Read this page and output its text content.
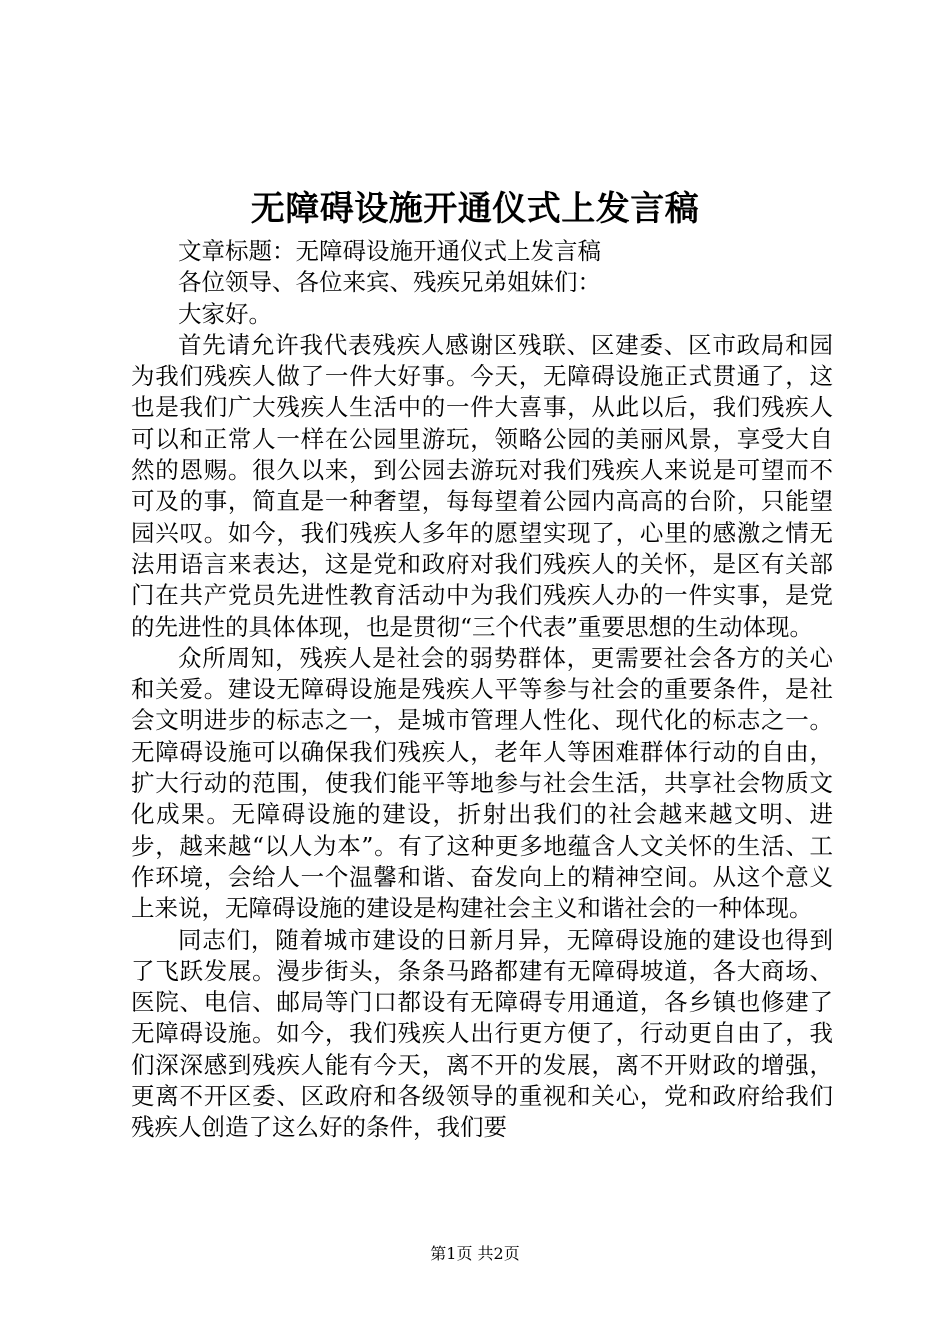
无障碍设施开通仪式上发言稿

文章标题：无障碍设施开通仪式上发言稿

各位领导、各位来宾、残疾兄弟姐妹们：

大家好。

首先请允许我代表残疾人感谢区残联、区建委、区市政局和园为我们残疾人做了一件大好事。今天，无障碍设施正式贯通了，这也是我们广大残疾人生活中的一件大喜事，从此以后，我们残疾人可以和正常人一样在公园里游玩，领略公园的美丽风景，享受大自然的恩赐。很久以来，到公园去游玩对我们残疾人来说是可望而不可及的事，简直是一种奢望，每每望着公园内高高的台阶，只能望园兴叹。如今，我们残疾人多年的愿望实现了，心里的感激之情无法用语言来表达，这是党和政府对我们残疾人的关怀，是区有关部门在共产党员先进性教育活动中为我们残疾人办的一件实事，是党的先进性的具体体现，也是贯彻“三个代表”重要思想的生动体现。

众所周知，残疾人是社会的弱势群体，更需要社会各方的关心和关爱。建设无障碍设施是残疾人平等参与社会的重要条件，是社会文明进步的标志之一，是城市管理人性化、现代化的标志之一。无障碍设施可以确保我们残疾人，老年人等困难群体行动的自由，扩大行动的范围，使我们能平等地参与社会生活，共享社会物质文化成果。无障碍设施的建设，折射出我们的社会越来越文明、进步，越来越“以人为本”。有了这种更多地蕴含人文关怀的生活、工作环境，会给人一个温馨和谐、奋发向上的精神空间。从这个意义上来说，无障碍设施的建设是构建社会主义和谐社会的一种体现。

同志们，随着城市建设的日新月异，无障碍设施的建设也得到了飞跃发展。漫步街头，条条马路都建有无障碍坡道，各大商场、医院、电信、邮局等门口都设有无障碍专用通道，各乡镇也修建了无障碍设施。如今，我们残疾人出行更方便了，行动更自由了，我们深深感到残疾人能有今天，离不开的发展，离不开财政的增强，更离不开区委、区政府和各级领导的重视和关心，党和政府给我们残疾人创造了这么好的条件，我们要

第1页 共2页
